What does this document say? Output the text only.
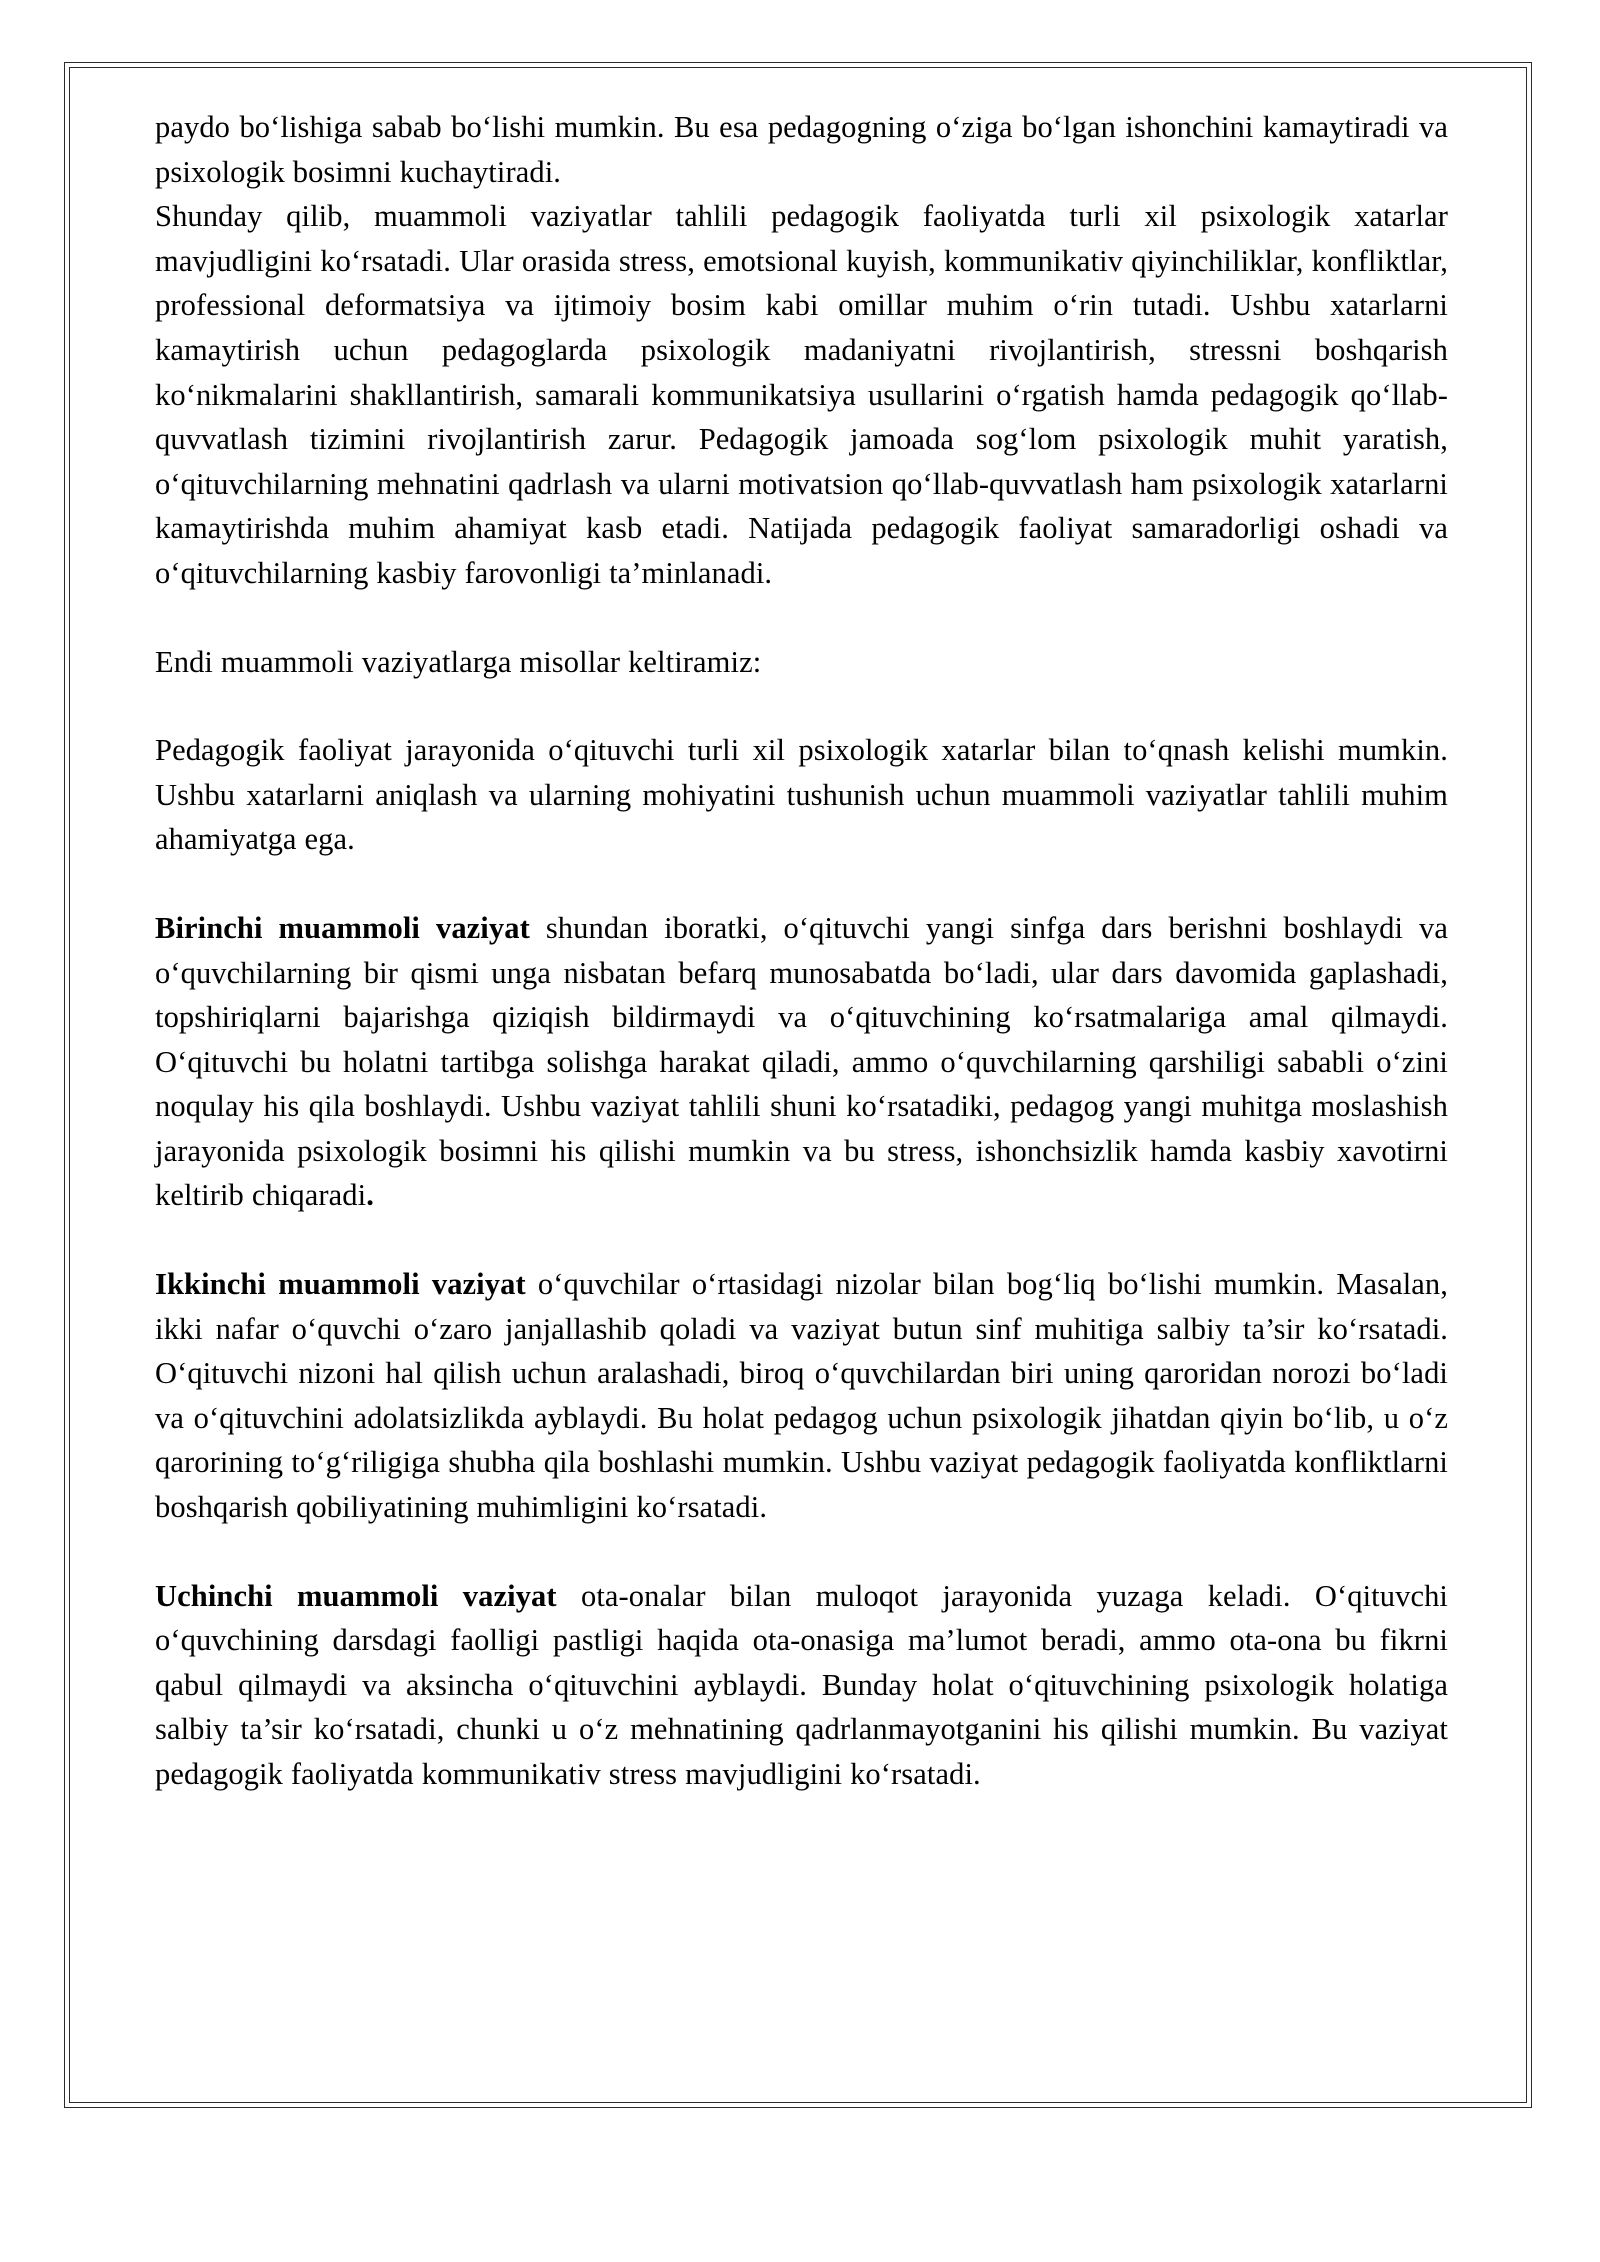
paydo bo‘lishiga sabab bo‘lishi mumkin. Bu esa pedagogning o‘ziga bo‘lgan ishonchini kamaytiradi va psixologik bosimni kuchaytiradi.

Shunday qilib, muammoli vaziyatlar tahlili pedagogik faoliyatda turli xil psixologik xatarlar mavjudligini ko‘rsatadi. Ular orasida stress, emotsional kuyish, kommunikativ qiyinchiliklar, konfliktlar, professional deformatsiya va ijtimoiy bosim kabi omillar muhim o‘rin tutadi. Ushbu xatarlarni kamaytirish uchun pedagoglarda psixologik madaniyatni rivojlantirish, stressni boshqarish ko‘nikmalarini shakllantirish, samarali kommunikatsiya usullarini o‘rgatish hamda pedagogik qo‘llab-quvvatlash tizimini rivojlantirish zarur. Pedagogik jamoada sog‘lom psixologik muhit yaratish, o‘qituvchilarning mehnatini qadrlash va ularni motivatsion qo‘llab-quvvatlash ham psixologik xatarlarni kamaytirishda muhim ahamiyat kasb etadi. Natijada pedagogik faoliyat samaradorligi oshadi va o‘qituvchilarning kasbiy farovonligi ta’minlanadi.

Endi muammoli vaziyatlarga misollar keltiramiz:

Pedagogik faoliyat jarayonida o‘qituvchi turli xil psixologik xatarlar bilan to‘qnash kelishi mumkin. Ushbu xatarlarni aniqlash va ularning mohiyatini tushunish uchun muammoli vaziyatlar tahlili muhim ahamiyatga ega.

Birinchi muammoli vaziyat shundan iboratki, o‘qituvchi yangi sinfga dars berishni boshlaydi va o‘quvchilarning bir qismi unga nisbatan befarq munosabatda bo‘ladi, ular dars davomida gaplashadi, topshiriqlarni bajarishga qiziqish bildirmaydi va o‘qituvchining ko‘rsatmalariga amal qilmaydi. O‘qituvchi bu holatni tartibga solishga harakat qiladi, ammo o‘quvchilarning qarshiligi sababli o‘zini noqulay his qila boshlaydi. Ushbu vaziyat tahlili shuni ko‘rsatadiki, pedagog yangi muhitga moslashish jarayonida psixologik bosimni his qilishi mumkin va bu stress, ishonchsizlik hamda kasbiy xavotirni keltirib chiqaradi.

Ikkinchi muammoli vaziyat o‘quvchilar o‘rtasidagi nizolar bilan bog‘liq bo‘lishi mumkin. Masalan, ikki nafar o‘quvchi o‘zaro janjallashib qoladi va vaziyat butun sinf muhitiga salbiy ta’sir ko‘rsatadi. O‘qituvchi nizoni hal qilish uchun aralashadi, biroq o‘quvchilardan biri uning qaroridan norozi bo‘ladi va o‘qituvchini adolatsizlikda ayblaydi. Bu holat pedagog uchun psixologik jihatdan qiyin bo‘lib, u o‘z qarorining to‘g‘riligiga shubha qila boshlashi mumkin. Ushbu vaziyat pedagogik faoliyatda konfliktlarni boshqarish qobiliyatining muhimligini ko‘rsatadi.

Uchinchi muammoli vaziyat ota-onalar bilan muloqot jarayonida yuzaga keladi. O‘qituvchi o‘quvchining darsdagi faolligi pastligi haqida ota-onasiga ma’lumot beradi, ammo ota-ona bu fikrni qabul qilmaydi va aksincha o‘qituvchini ayblaydi. Bunday holat o‘qituvchining psixologik holatiga salbiy ta’sir ko‘rsatadi, chunki u o‘z mehnatining qadrlanmayotganini his qilishi mumkin. Bu vaziyat pedagogik faoliyatda kommunikativ stress mavjudligini ko‘rsatadi.
